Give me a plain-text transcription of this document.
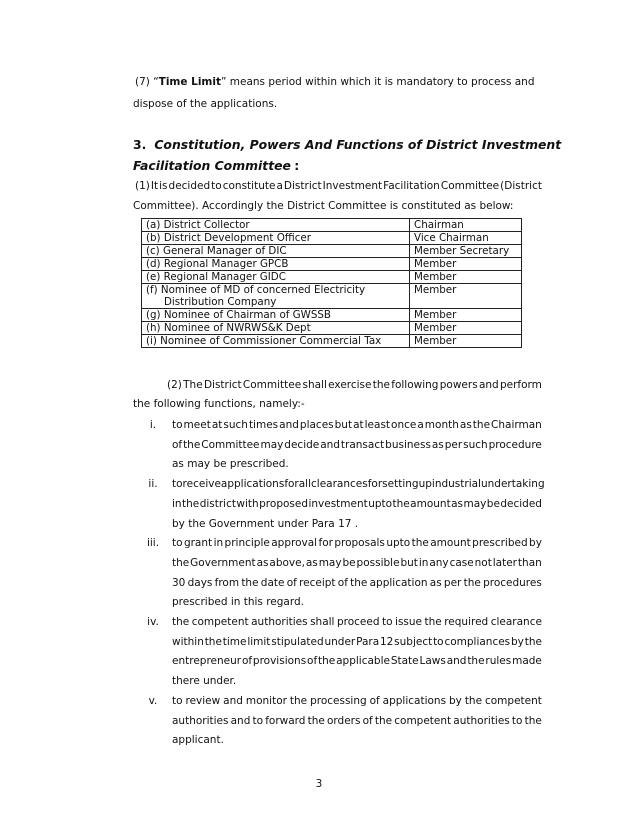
(7) “Time Limit” means period within which it is mandatory to process and
dispose of the applications.
3. Constitution, Powers And Functions of District Investment
Facilitation Committee :
(1) It is decided to constitute a District Investment Facilitation Committee (District
Committee). Accordingly the District Committee is constituted as below:
(a) District Collector	Chairman
(b) District Development Officer	Vice Chairman
(c) General Manager of DIC	Member Secretary
(d) Regional Manager GPCB	Member
(e) Regional Manager GIDC	Member
(f) Nominee of MD of concerned Electricity
Distribution Company	Member
(g) Nominee of Chairman of GWSSB	Member
(h) Nominee of NWRWS&K Dept	Member
(i) Nominee of Commissioner Commercial Tax	Member
(2) The District Committee shall exercise the following powers and perform
the following functions, namely:-
i.	to meet at such times and places but at least once a month as the Chairman
of the Committee may decide and transact business as per such procedure
as may be prescribed.
ii.	to receive applications for all clearances for setting up industrial undertaking
in the district with proposed investment upto the amount as may be decided
by the Government under Para 17 .
iii.	to grant in principle approval for proposals upto the amount prescribed by
the Government as above, as may be possible but in any case not later than
30 days from the date of receipt of the application as per the procedures
prescribed in this regard.
iv.	the competent authorities shall proceed to issue the required clearance
within the time limit stipulated under Para 12 subject to compliances by the
entrepreneur of provisions of the applicable State Laws and the rules made
there under.
v.	to review and monitor the processing of applications by the competent
authorities and to forward the orders of the competent authorities to the
applicant.
3
